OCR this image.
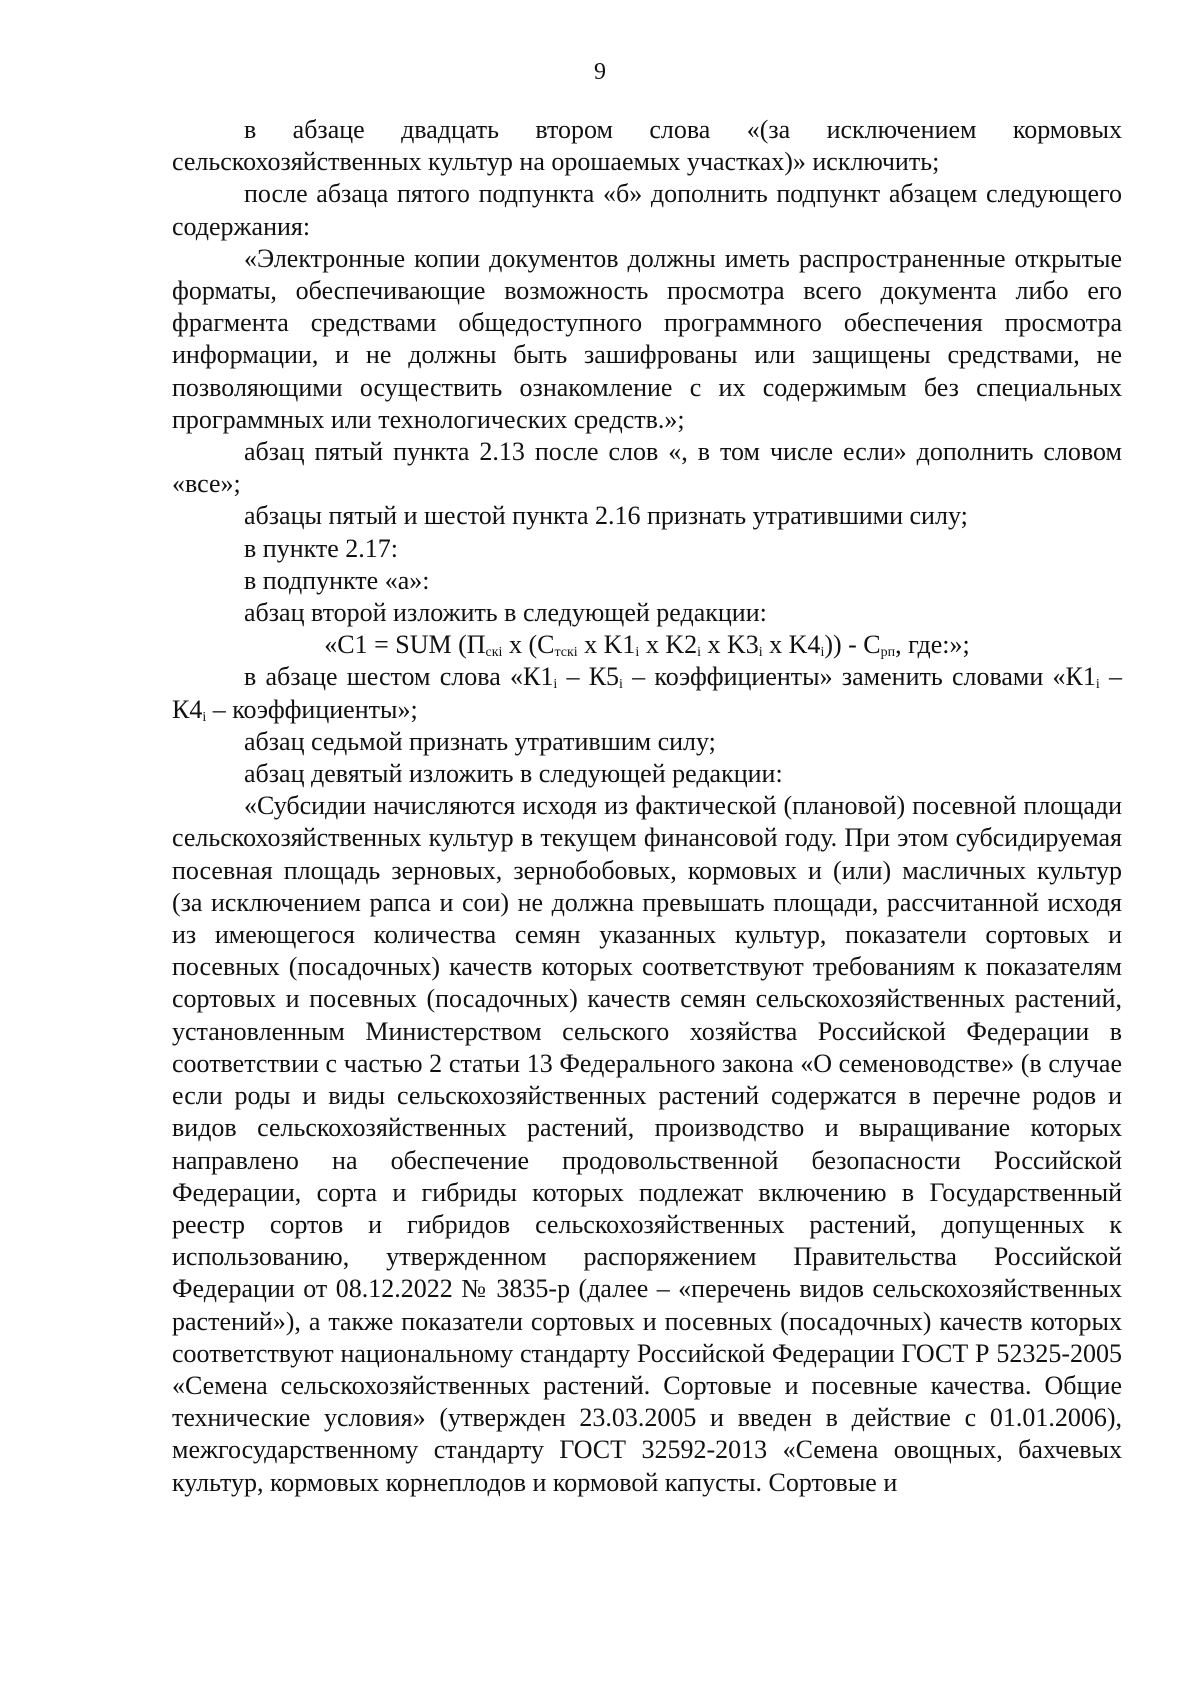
9

в абзаце двадцать втором слова «(за исключением кормовых сельскохозяйственных культур на орошаемых участках)» исключить;

после абзаца пятого подпункта «б» дополнить подпункт абзацем следующего содержания:

«Электронные копии документов должны иметь распространенные открытые форматы, обеспечивающие возможность просмотра всего документа либо его фрагмента средствами общедоступного программного обеспечения просмотра информации, и не должны быть зашифрованы или защищены средствами, не позволяющими осуществить ознакомление с их содержимым без специальных программных или технологических средств.»;

абзац пятый пункта 2.13 после слов «, в том числе если» дополнить словом «все»;

абзацы пятый и шестой пункта 2.16 признать утратившими силу;

в пункте 2.17:

в подпункте «а»:

абзац второй изложить в следующей редакции:

«C1 = SUM ($П_{скi}$ x ($С_{тскi}$ x $K1_i$ x $K2_i$ x $K3_i$ x $K4_i)) - С_{рп}$, где:»;

в абзаце шестом слова «$К1_i - К5_i$ – коэффициенты» заменить словами «$К1_i - К4_i$ – коэффициенты»;

абзац седьмой признать утратившим силу;

абзац девятый изложить в следующей редакции:

«Субсидии начисляются исходя из фактической (плановой) посевной площади сельскохозяйственных культур в текущем финансовой году. При этом субсидируемая посевная площадь зерновых, зернобобовых, кормовых и (или) масличных культур (за исключением рапса и сои) не должна превышать площади, рассчитанной исходя из имеющегося количества семян указанных культур, показатели сортовых и посевных (посадочных) качеств которых соответствуют требованиям к показателям сортовых и посевных (посадочных) качеств семян сельскохозяйственных растений, установленным Министерством сельского хозяйства Российской Федерации в соответствии с частью 2 статьи 13 Федерального закона «О семеноводстве» (в случае если роды и виды сельскохозяйственных растений содержатся в перечне родов и видов сельскохозяйственных растений, производство и выращивание которых направлено на обеспечение продовольственной безопасности Российской Федерации, сорта и гибриды которых подлежат включению в Государственный реестр сортов и гибридов сельскохозяйственных растений, допущенных к использованию, утвержденном распоряжением Правительства Российской Федерации от 08.12.2022 № 3835-р (далее – «перечень видов сельскохозяйственных растений»), а также показатели сортовых и посевных (посадочных) качеств которых соответствуют национальному стандарту Российской Федерации ГОСТ Р 52325-2005 «Семена сельскохозяйственных растений. Сортовые и посевные качества. Общие технические условия» (утвержден 23.03.2005 и введен в действие с 01.01.2006), межгосударственному стандарту ГОСТ 32592-2013 «Семена овощных, бахчевых культур, кормовых корнеплодов и кормовой капусты. Сортовые и
